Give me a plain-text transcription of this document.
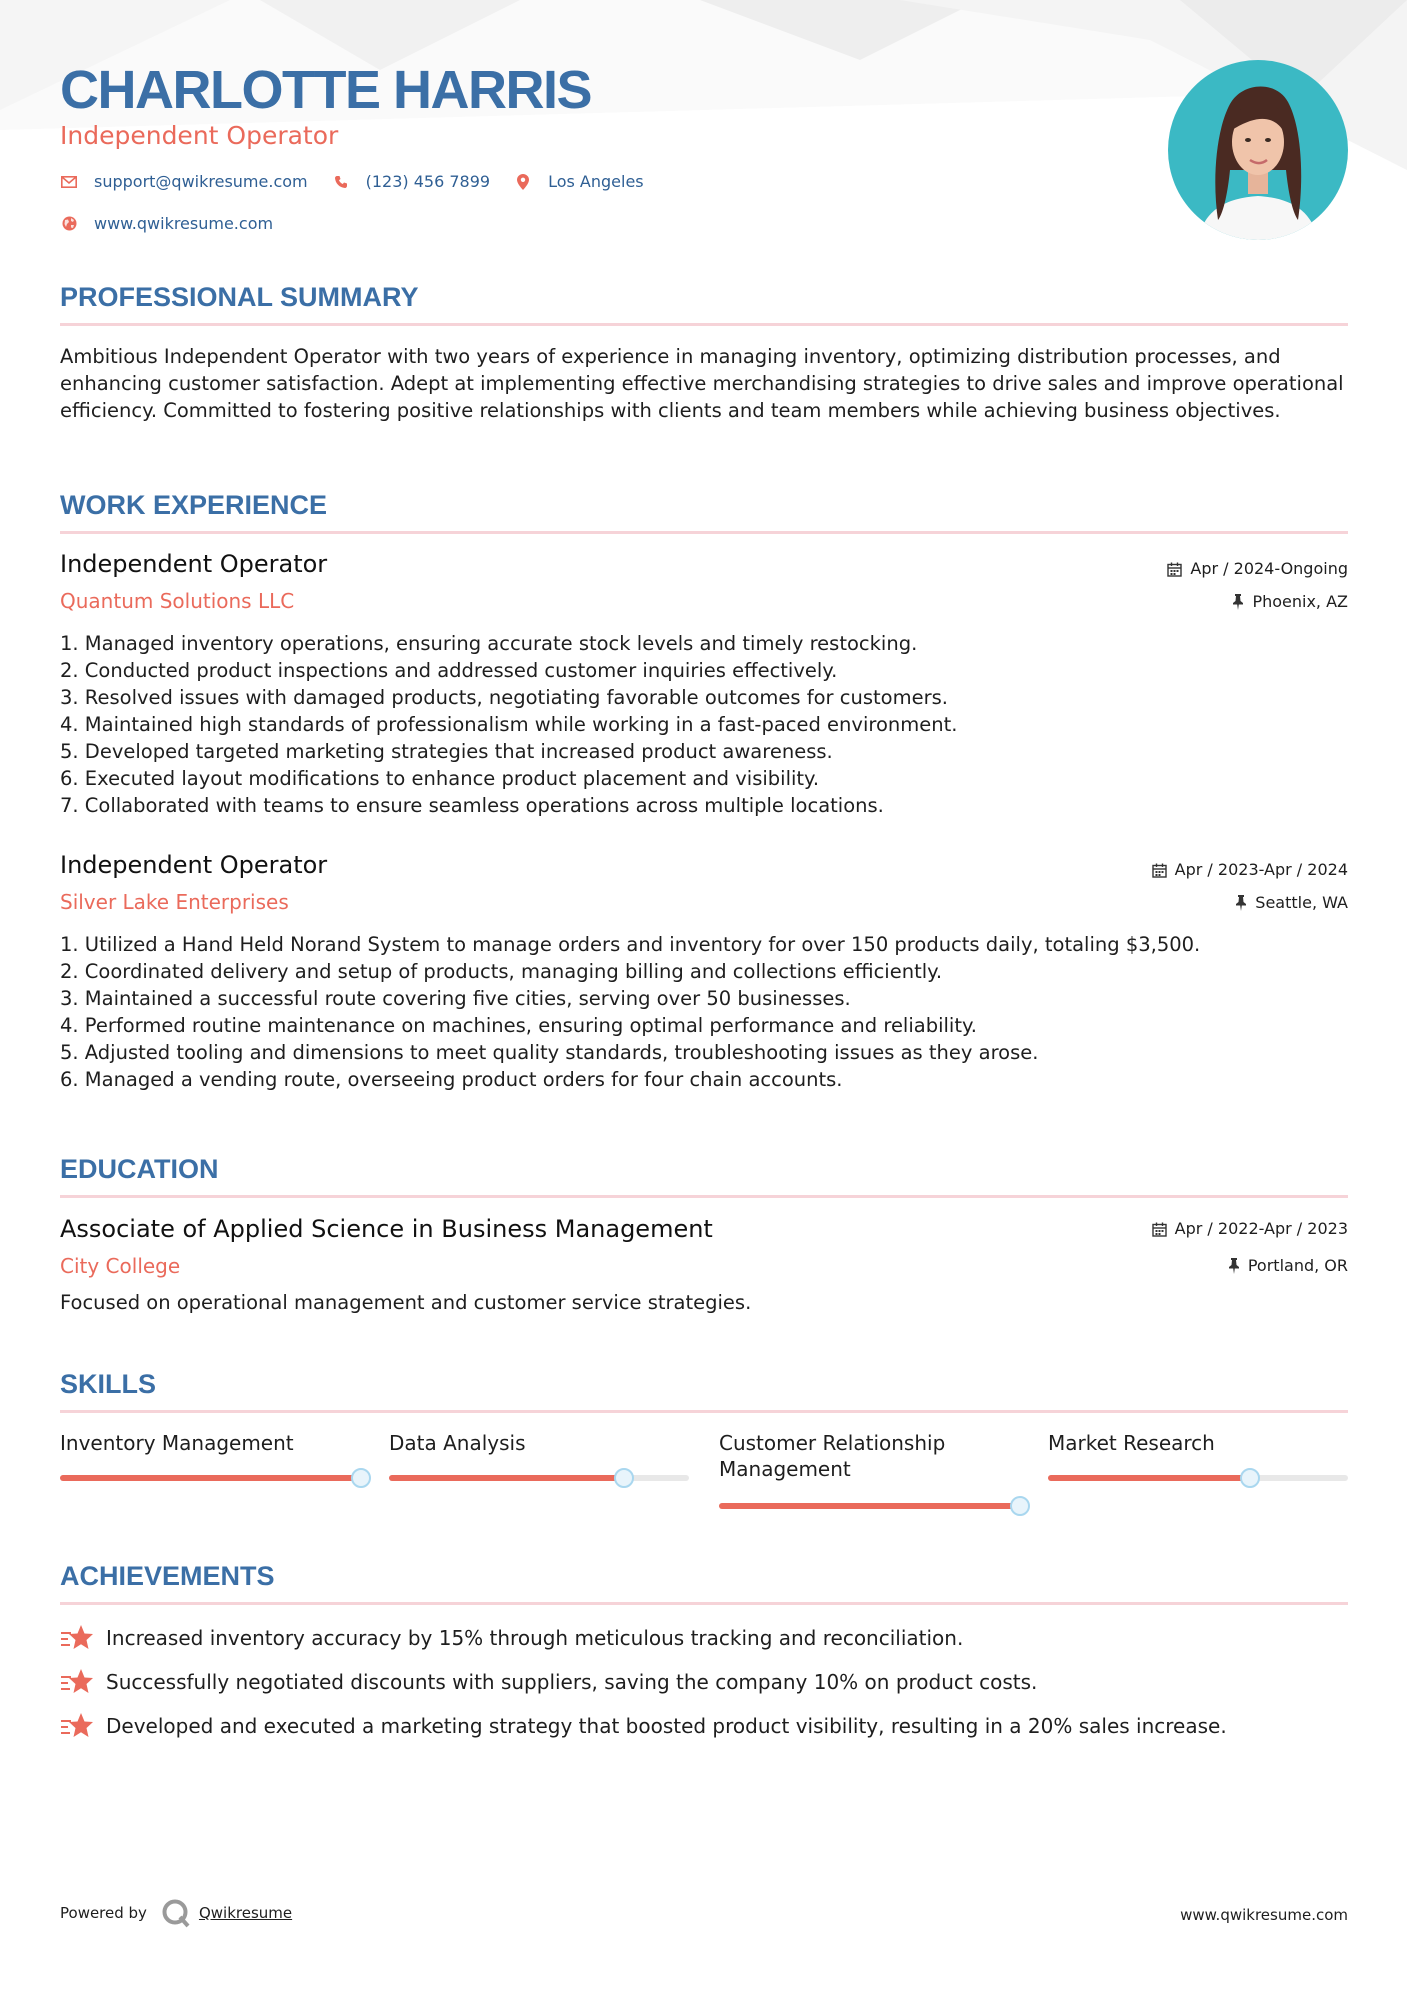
CHARLOTTE HARRIS
Independent Operator
support@qwikresume.com	(123) 456 7899	Los Angeles
www.qwikresume.com
PROFESSIONAL SUMMARY

Ambitious Independent Operator with two years of experience in managing inventory, optimizing distribution processes, and enhancing customer satisfaction. Adept at implementing effective merchandising strategies to drive sales and improve operational efficiency. Committed to fostering positive relationships with clients and team members while achieving business objectives.

WORK EXPERIENCE
Independent Operator	Apr / 2024-Ongoing
Quantum Solutions LLC	Phoenix, AZ
1. Managed inventory operations, ensuring accurate stock levels and timely restocking.
2. Conducted product inspections and addressed customer inquiries effectively.
3. Resolved issues with damaged products, negotiating favorable outcomes for customers.
4. Maintained high standards of professionalism while working in a fast-paced environment.
5. Developed targeted marketing strategies that increased product awareness.
6. Executed layout modifications to enhance product placement and visibility.
7. Collaborated with teams to ensure seamless operations across multiple locations.
Independent Operator	Apr / 2023-Apr / 2024
Silver Lake Enterprises	Seattle, WA
1. Utilized a Hand Held Norand System to manage orders and inventory for over 150 products daily, totaling $3,500.
2. Coordinated delivery and setup of products, managing billing and collections efficiently.
3. Maintained a successful route covering five cities, serving over 50 businesses.
4. Performed routine maintenance on machines, ensuring optimal performance and reliability.
5. Adjusted tooling and dimensions to meet quality standards, troubleshooting issues as they arose.
6. Managed a vending route, overseeing product orders for four chain accounts.
EDUCATION
Associate of Applied Science in Business Management	Apr / 2022-Apr / 2023
City College	Portland, OR

Focused on operational management and customer service strategies.

SKILLS
Inventory Management	Data Analysis	Customer Relationship Management
Market Research
ACHIEVEMENTS
Increased inventory accuracy by 15% through meticulous tracking and reconciliation.
Successfully negotiated discounts with suppliers, saving the company 10% on product costs.
Developed and executed a marketing strategy that boosted product visibility, resulting in a 20% sales increase.
Powered by	Qwikresume	www.qwikresume.com
